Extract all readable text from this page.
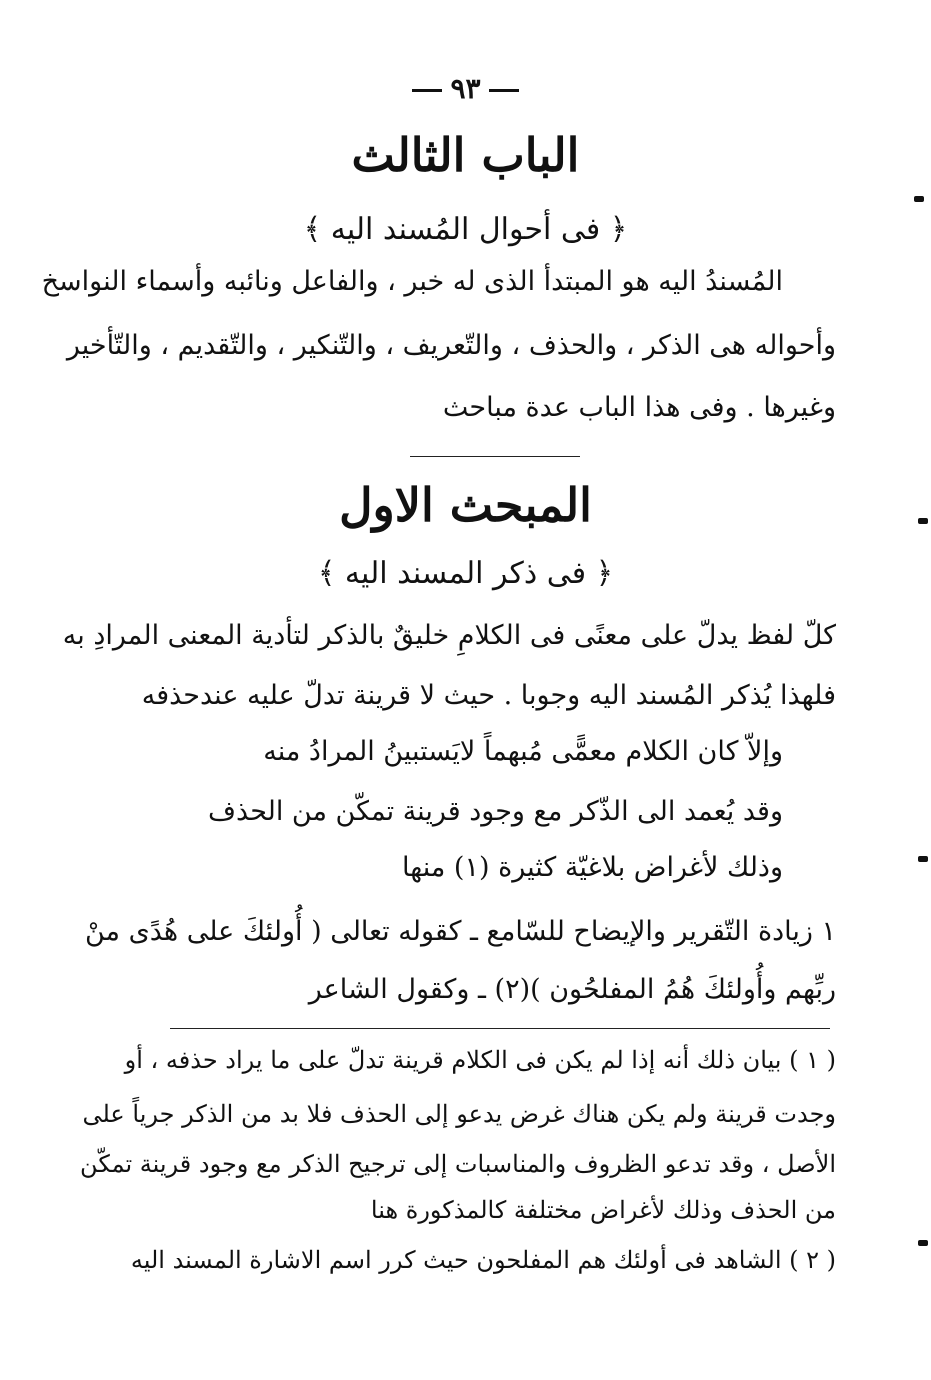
٩٣
الباب الثالث
﴿ فى أحوال المُسند اليه ﴾
المُسندُ اليه هو المبتدأ الذى له خبر ، والفاعل ونائبه وأسماء النواسخ
وأحواله هى الذكر ، والحذف ، والتّعريف ، والتّنكير ، والتّقديم ، والتّأخير
وغيرها . وفى هذا الباب عدة مباحث
المبحث الاول
﴿ فى ذكر المسند اليه ﴾
كلّ لفظ يدلّ على معنًى فى الكلامِ خليقٌ بالذكر لتأدية المعنى المرادِ به
فلهذا يُذكر المُسند اليه وجوبا . حيث لا قرينة تدلّ عليه عندحذفه
وإلاّ كان الكلام معمًّى مُبهماً لايَستبينُ المرادُ منه
وقد يُعمد الى الذّكر مع وجود قرينة تمكّن من الحذف
وذلك لأغراض بلاغيّة كثيرة (١) منها
١ زيادة التّقرير والإيضاح للسّامع ـ كقوله تعالى ( أُولئكَ على هُدًى منْ
ربِّهم وأُولئكَ هُمُ المفلحُون )(٢) ـ وكقول الشاعر
( ١ ) بيان ذلك أنه إذا لم يكن فى الكلام قرينة تدلّ على ما يراد حذفه ، أو
وجدت قرينة ولم يكن هناك غرض يدعو إلى الحذف فلا بد من الذكر جرياً على
الأصل ، وقد تدعو الظروف والمناسبات إلى ترجيح الذكر مع وجود قرينة تمكّن
من الحذف وذلك لأغراض مختلفة كالمذكورة هنا
( ٢ ) الشاهد فى أولئك هم المفلحون حيث كرر اسم الاشارة المسند اليه
